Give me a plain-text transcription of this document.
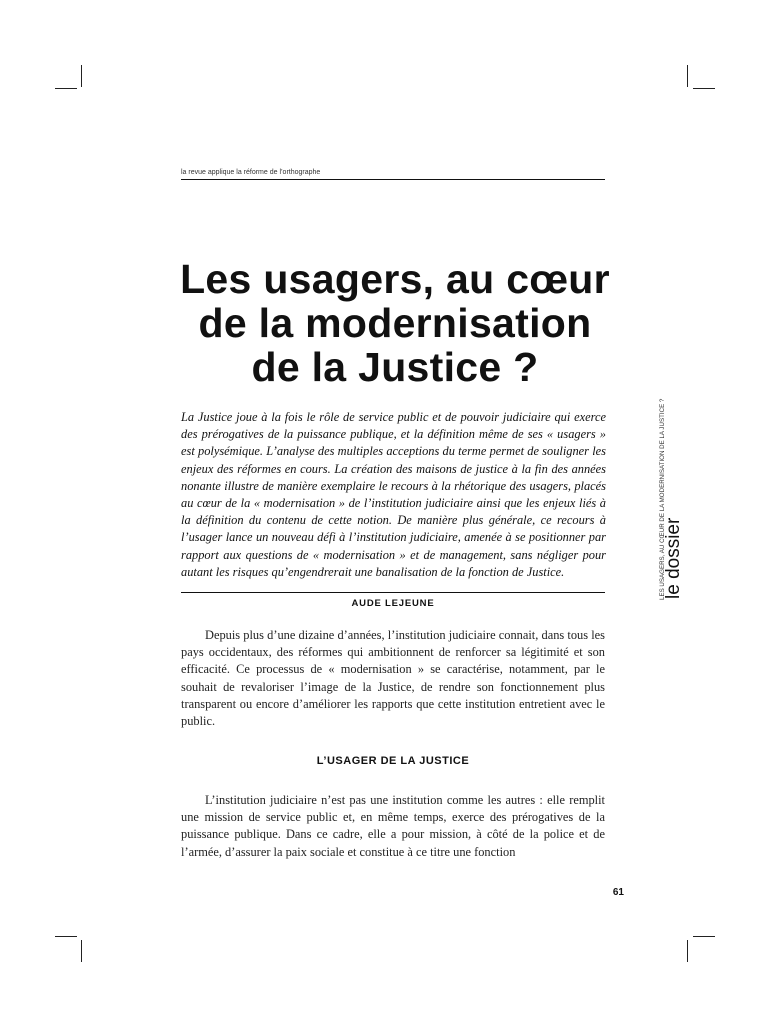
la revue applique la réforme de l’orthographe
Les usagers, au cœur de la modernisation de la Justice ?

La Justice joue à la fois le rôle de service public et de pouvoir judiciaire qui exerce des prérogatives de la puissance publique, et la définition même de ses « usagers » est polysémique. L’analyse des multiples acceptions du terme permet de souligner les enjeux des réformes en cours. La création des maisons de justice à la fin des années nonante illustre de manière exemplaire le recours à la rhétorique des usagers, placés au cœur de la « modernisation » de l’institution judiciaire ainsi que les enjeux liés à la définition du contenu de cette notion. De manière plus générale, ce recours à l’usager lance un nouveau défi à l’institution judiciaire, amenée à se positionner par rapport aux questions de « modernisation » et de management, sans négliger pour autant les risques qu’engendrerait une banalisation de la fonction de Justice.

AUDE LEJEUNE

Depuis plus d’une dizaine d’années, l’institution judiciaire connait, dans tous les pays occidentaux, des réformes qui ambitionnent de renforcer sa légitimité et son efficacité. Ce processus de « modernisation » se caractérise, notamment, par le souhait de revaloriser l’image de la Justice, de rendre son fonctionnement plus transparent ou encore d’améliorer les rapports que cette institution entretient avec le public.

L’USAGER DE LA JUSTICE

L’institution judiciaire n’est pas une institution comme les autres : elle remplit une mission de service public et, en même temps, exerce des prérogatives de la puissance publique. Dans ce cadre, elle a pour mission, à côté de la police et de l’armée, d’assurer la paix sociale et constitue à ce titre une fonction

le dossier
LES USAGERS, AU CŒUR DE LA MODERNISATION DE LA JUSTICE ?
61
